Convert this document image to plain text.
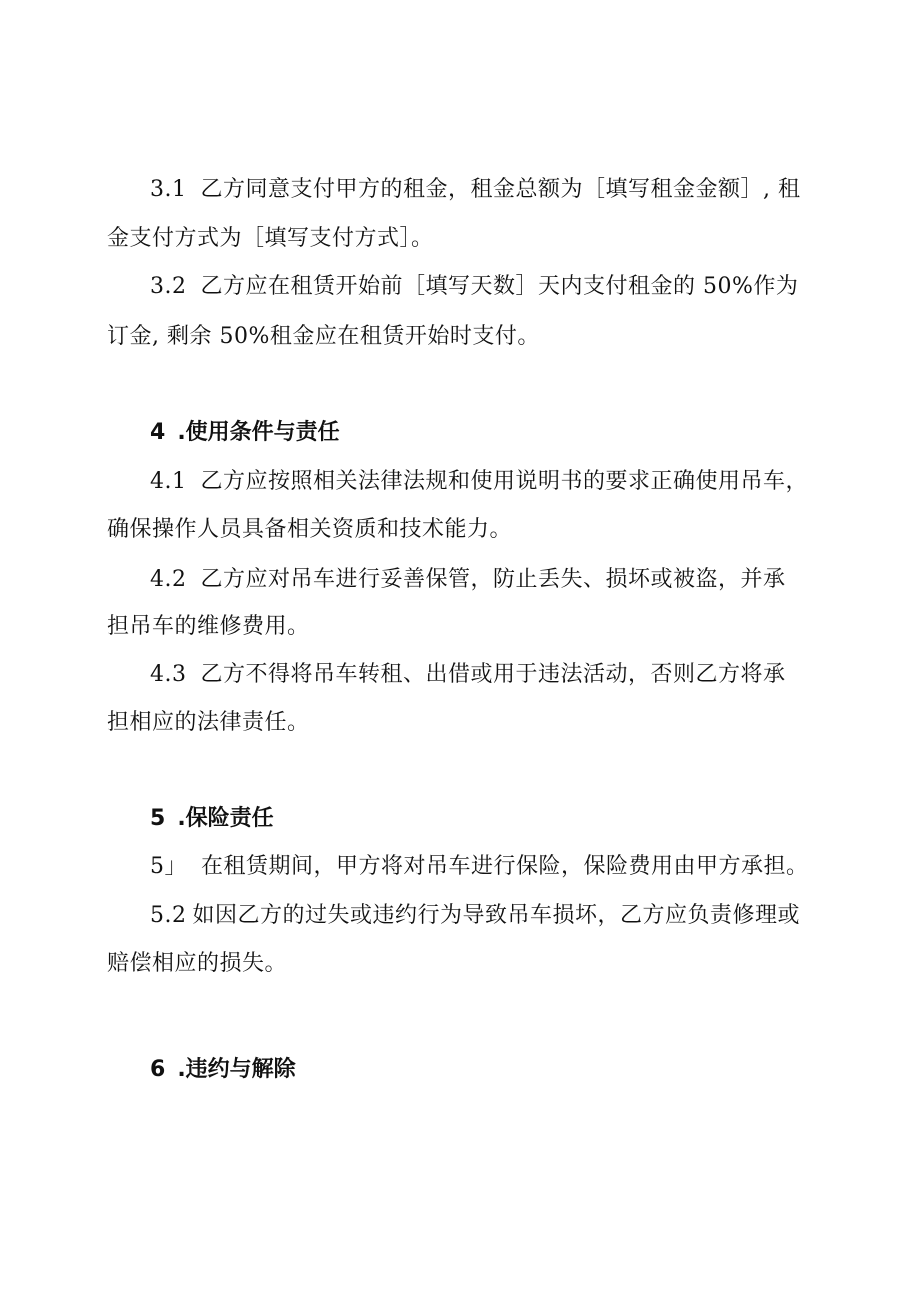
3.1 乙方同意支付甲方的租金，租金总额为［填写租金金额］, 租
金支付方式为［填写支付方式］。
3.2 乙方应在租赁开始前［填写天数］天内支付租金的 50%作为
订金, 剩余 50%租金应在租赁开始时支付。
4 .使用条件与责任
4.1 乙方应按照相关法律法规和使用说明书的要求正确使用吊车，
确保操作人员具备相关资质和技术能力。
4.2 乙方应对吊车进行妥善保管，防止丢失、损坏或被盗，并承
担吊车的维修费用。
4.3 乙方不得将吊车转租、出借或用于违法活动，否则乙方将承
担相应的法律责任。
5 .保险责任
5」 在租赁期间，甲方将对吊车进行保险，保险费用由甲方承担。
5.2 如因乙方的过失或违约行为导致吊车损坏，乙方应负责修理或
赔偿相应的损失。
6 .违约与解除
